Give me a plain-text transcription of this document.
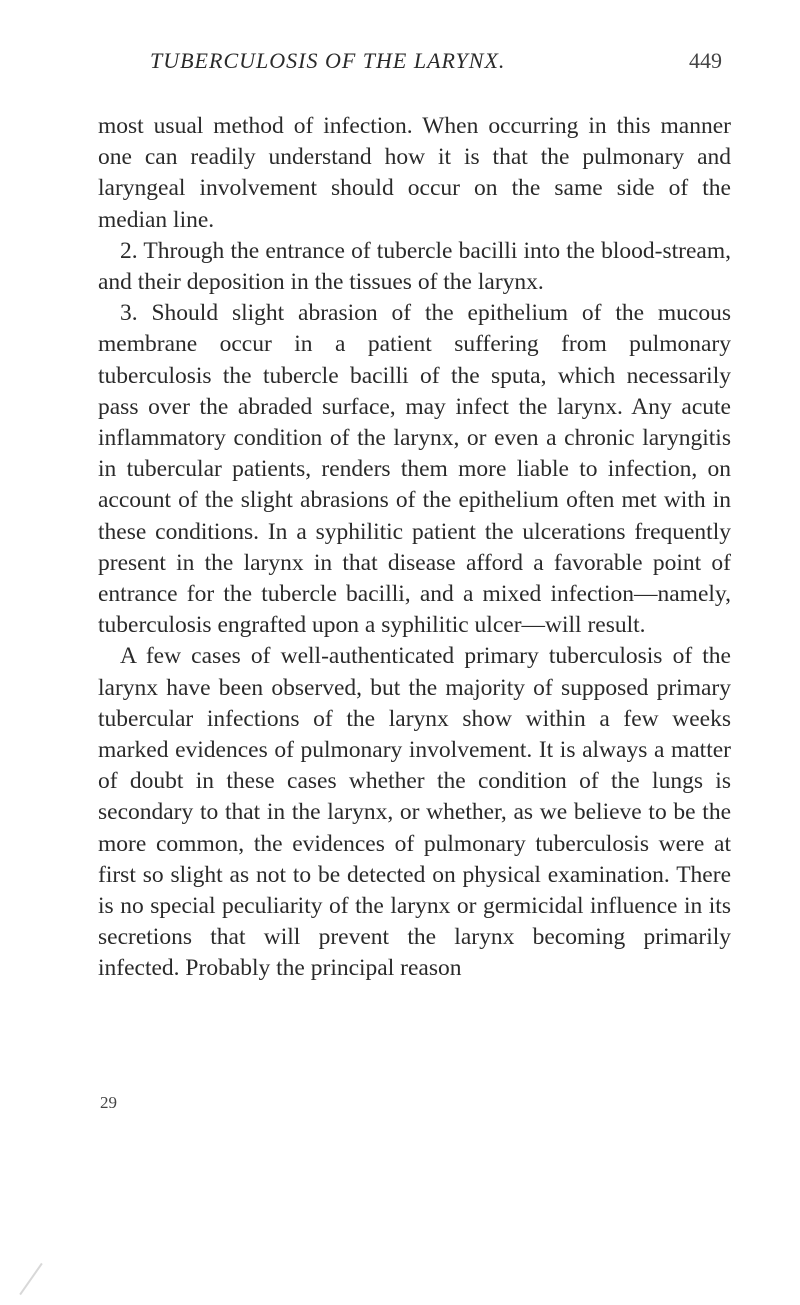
TUBERCULOSIS OF THE LARYNX.	449

most usual method of infection. When occurring in this manner one can readily understand how it is that the pulmonary and laryngeal involvement should occur on the same side of the median line.

2. Through the entrance of tubercle bacilli into the blood-stream, and their deposition in the tissues of the larynx.

3. Should slight abrasion of the epithelium of the mucous membrane occur in a patient suffering from pulmonary tuberculosis the tubercle bacilli of the sputa, which necessarily pass over the abraded surface, may infect the larynx. Any acute inflammatory condition of the larynx, or even a chronic laryngitis in tubercular patients, renders them more liable to infection, on account of the slight abrasions of the epithelium often met with in these conditions. In a syphilitic patient the ulcerations frequently present in the larynx in that disease afford a favorable point of entrance for the tubercle bacilli, and a mixed infection—namely, tuberculosis engrafted upon a syphilitic ulcer—will result.

A few cases of well-authenticated primary tuberculosis of the larynx have been observed, but the majority of supposed primary tubercular infections of the larynx show within a few weeks marked evidences of pulmonary involvement. It is always a matter of doubt in these cases whether the condition of the lungs is secondary to that in the larynx, or whether, as we believe to be the more common, the evidences of pulmonary tuberculosis were at first so slight as not to be detected on physical examination. There is no special peculiarity of the larynx or germicidal influence in its secretions that will prevent the larynx becoming primarily infected. Probably the principal reason

29
